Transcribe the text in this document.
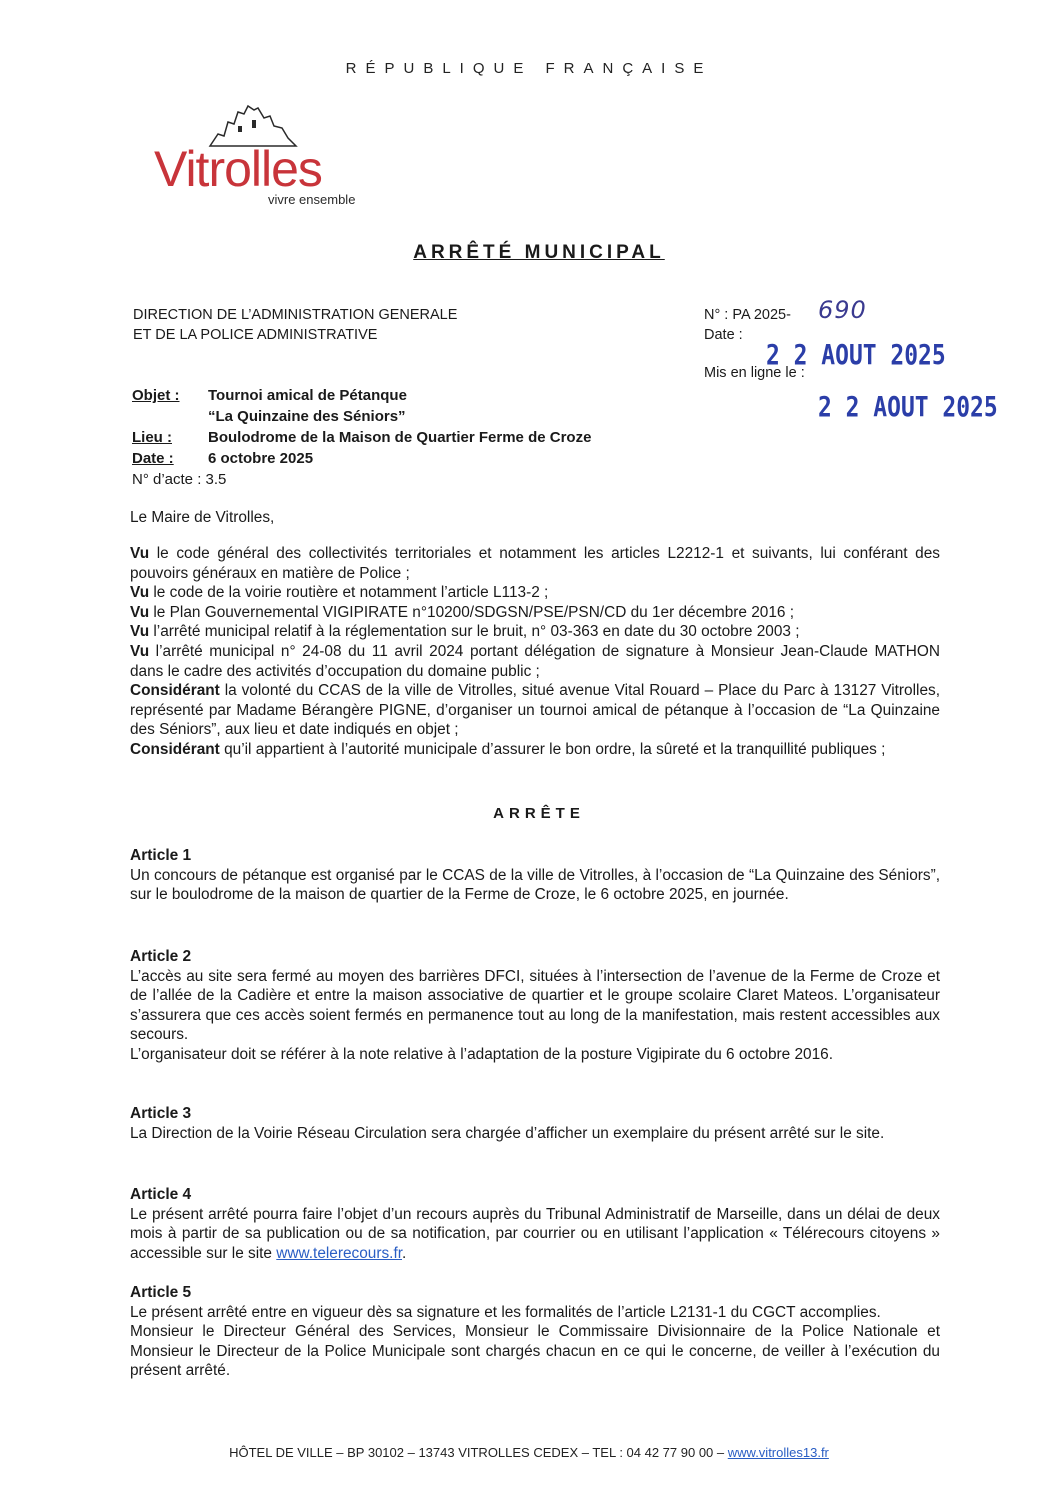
RÉPUBLIQUE FRANÇAISE
Vitrolles
vivre ensemble
ARRÊTÉ MUNICIPAL
DIRECTION DE L’ADMINISTRATION GENERALE
ET DE LA POLICE ADMINISTRATIVE
N° : PA 2025-
Date :
690
Mis en ligne le :
2 2 AOUT 2025
2 2 AOUT 2025
Objet : Tournoi amical de Pétanque
“La Quinzaine des Séniors”
Lieu : Boulodrome de la Maison de Quartier Ferme de Croze
Date : 6 octobre 2025
N° d’acte : 3.5

Le Maire de Vitrolles,

Vu le code général des collectivités territoriales et notamment les articles L2212-1 et suivants, lui conférant des pouvoirs généraux en matière de Police ;

Vu le code de la voirie routière et notamment l’article L113-2 ;

Vu le Plan Gouvernemental VIGIPIRATE n°10200/SDGSN/PSE/PSN/CD du 1er décembre 2016 ;

Vu l’arrêté municipal relatif à la réglementation sur le bruit, n° 03-363 en date du 30 octobre 2003 ;

Vu l’arrêté municipal n° 24-08 du 11 avril 2024 portant délégation de signature à Monsieur Jean-Claude MATHON dans le cadre des activités d’occupation du domaine public ;

Considérant la volonté du CCAS de la ville de Vitrolles, situé avenue Vital Rouard – Place du Parc à 13127 Vitrolles, représenté par Madame Bérangère PIGNE, d’organiser un tournoi amical de pétanque à l’occasion de “La Quinzaine des Séniors”, aux lieu et date indiqués en objet ;

Considérant qu’il appartient à l’autorité municipale d’assurer le bon ordre, la sûreté et la tranquillité publiques ;

ARRÊTE

Article 1

Un concours de pétanque est organisé par le CCAS de la ville de Vitrolles, à l’occasion de “La Quinzaine des Séniors”, sur le boulodrome de la maison de quartier de la Ferme de Croze, le 6 octobre 2025, en journée.

Article 2

L’accès au site sera fermé au moyen des barrières DFCI, situées à l’intersection de l’avenue de la Ferme de Croze et de l’allée de la Cadière et entre la maison associative de quartier et le groupe scolaire Claret Mateos. L’organisateur s’assurera que ces accès soient fermés en permanence tout au long de la manifestation, mais restent accessibles aux secours.

L’organisateur doit se référer à la note relative à l’adaptation de la posture Vigipirate du 6 octobre 2016.

Article 3

La Direction de la Voirie Réseau Circulation sera chargée d’afficher un exemplaire du présent arrêté sur le site.

Article 4

Le présent arrêté pourra faire l’objet d’un recours auprès du Tribunal Administratif de Marseille, dans un délai de deux mois à partir de sa publication ou de sa notification, par courrier ou en utilisant l’application « Télérecours citoyens » accessible sur le site www.telerecours.fr.

Article 5

Le présent arrêté entre en vigueur dès sa signature et les formalités de l’article L2131-1 du CGCT accomplies.

Monsieur le Directeur Général des Services, Monsieur le Commissaire Divisionnaire de la Police Nationale et Monsieur le Directeur de la Police Municipale sont chargés chacun en ce qui le concerne, de veiller à l’exécution du présent arrêté.

HÔTEL DE VILLE – BP 30102 – 13743 VITROLLES CEDEX – TEL : 04 42 77 90 00 – www.vitrolles13.fr
